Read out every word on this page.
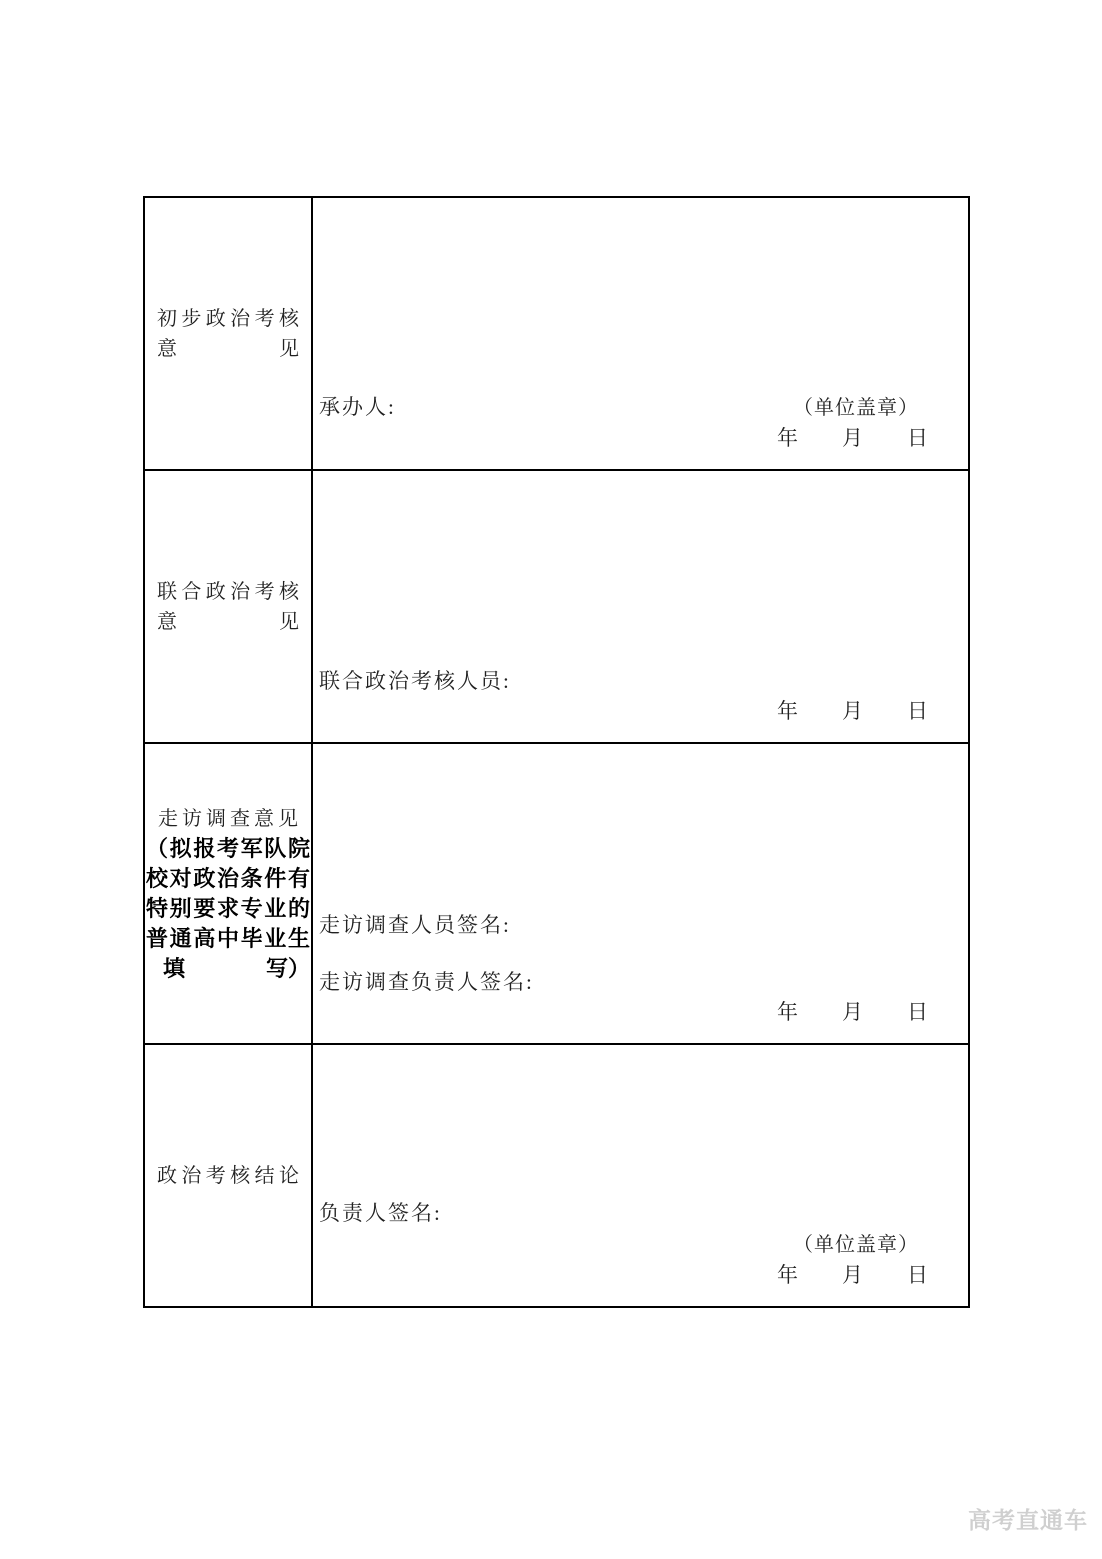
初 步 政 治 考 核
意	见

承办人:	（单位盖章）
年 月 日

联 合 政 治 考 核
意	见

联合政治考核人员:
年 月 日

走 访 调 查 意 见
（ 拟 报 考 军 队 院
校 对 政 治 条 件 有
特 别 要 求 专 业 的
普 通 高 中 毕 业 生
填	写）

走访调查人员签名:
走访调查负责人签名:
年 月 日

政 治 考 核 结 论

负责人签名:
（单位盖章）
年 月 日
高考直通车
